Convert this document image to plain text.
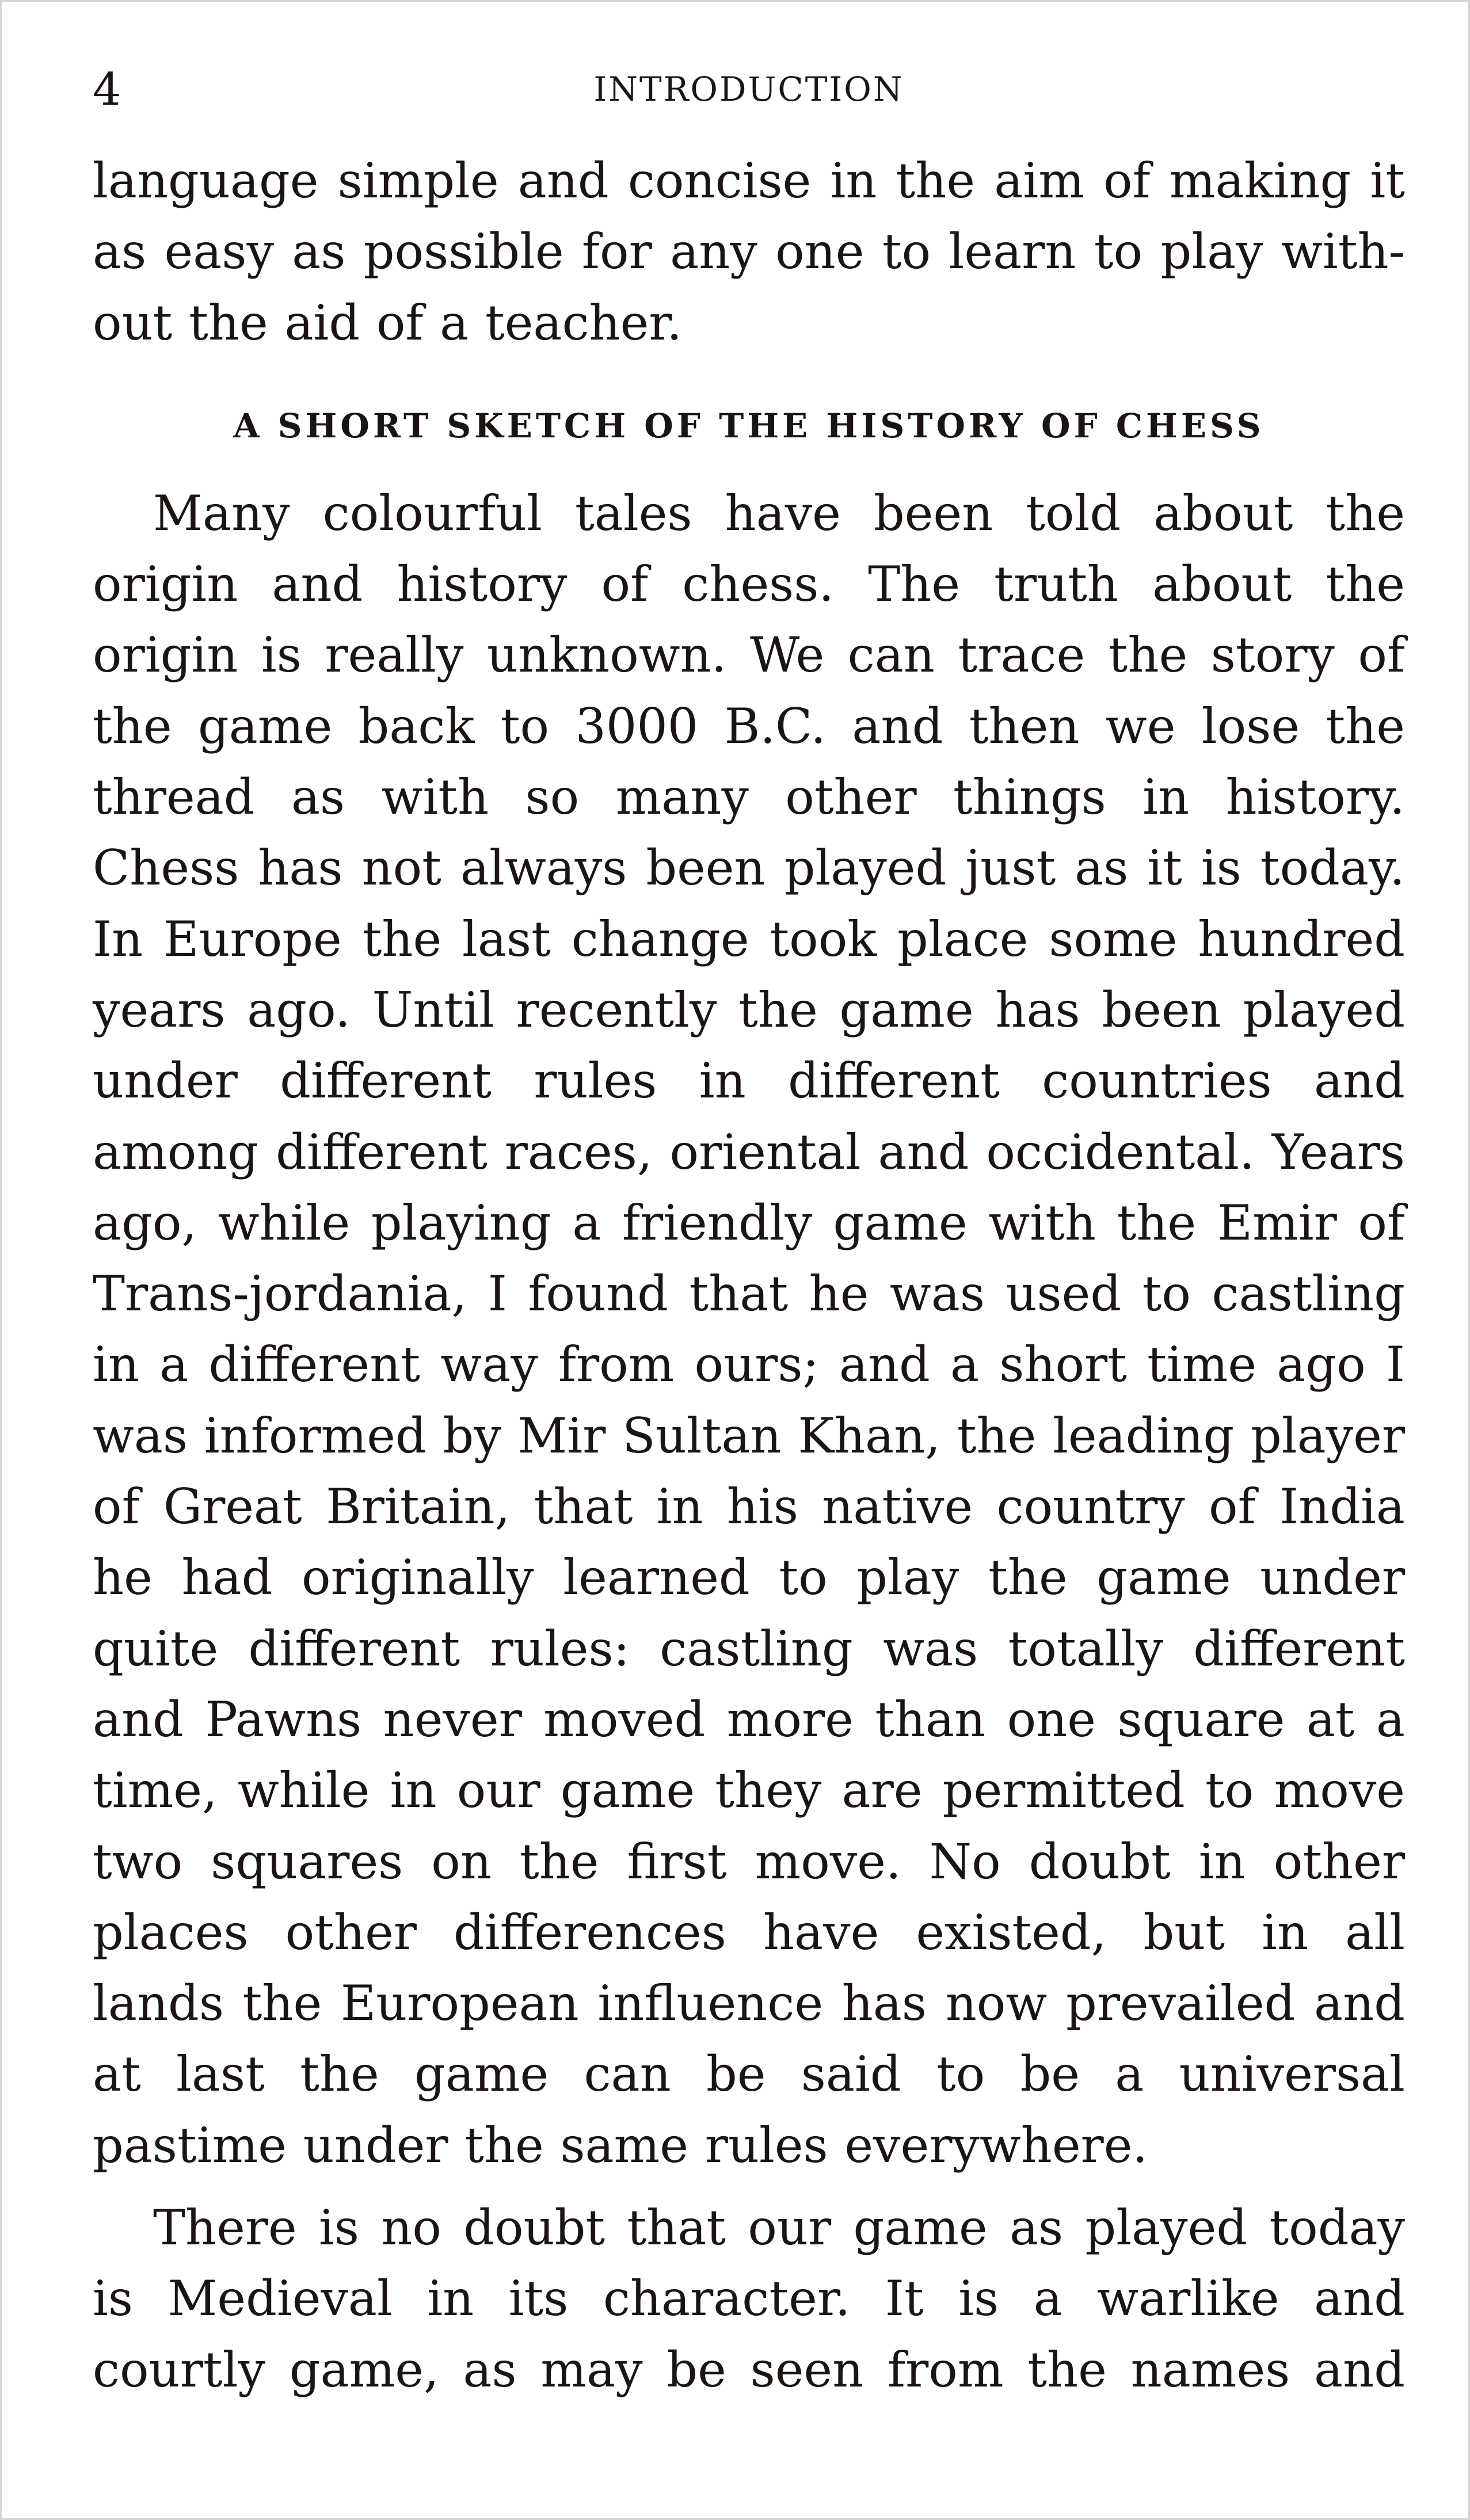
4	INTRODUCTION

language simple and concise in the aim of making it as easy as possible for any one to learn to play with-out the aid of a teacher.

A SHORT SKETCH OF THE HISTORY OF CHESS

Many colourful tales have been told about the origin and history of chess. The truth about the origin is really unknown. We can trace the story of the game back to 3000 B.C. and then we lose the thread as with so many other things in history. Chess has not always been played just as it is today. In Europe the last change took place some hundred years ago. Until recently the game has been played under different rules in different countries and among different races, oriental and occidental. Years ago, while playing a friendly game with the Emir of Trans-jordania, I found that he was used to castling in a different way from ours; and a short time ago I was informed by Mir Sultan Khan, the leading player of Great Britain, that in his native country of India he had originally learned to play the game under quite different rules: castling was totally different and Pawns never moved more than one square at a time, while in our game they are permitted to move two squares on the first move. No doubt in other places other differences have existed, but in all lands the European influence has now prevailed and at last the game can be said to be a universal pastime under the same rules everywhere.

There is no doubt that our game as played today is Medieval in its character. It is a warlike and courtly game, as may be seen from the names and
